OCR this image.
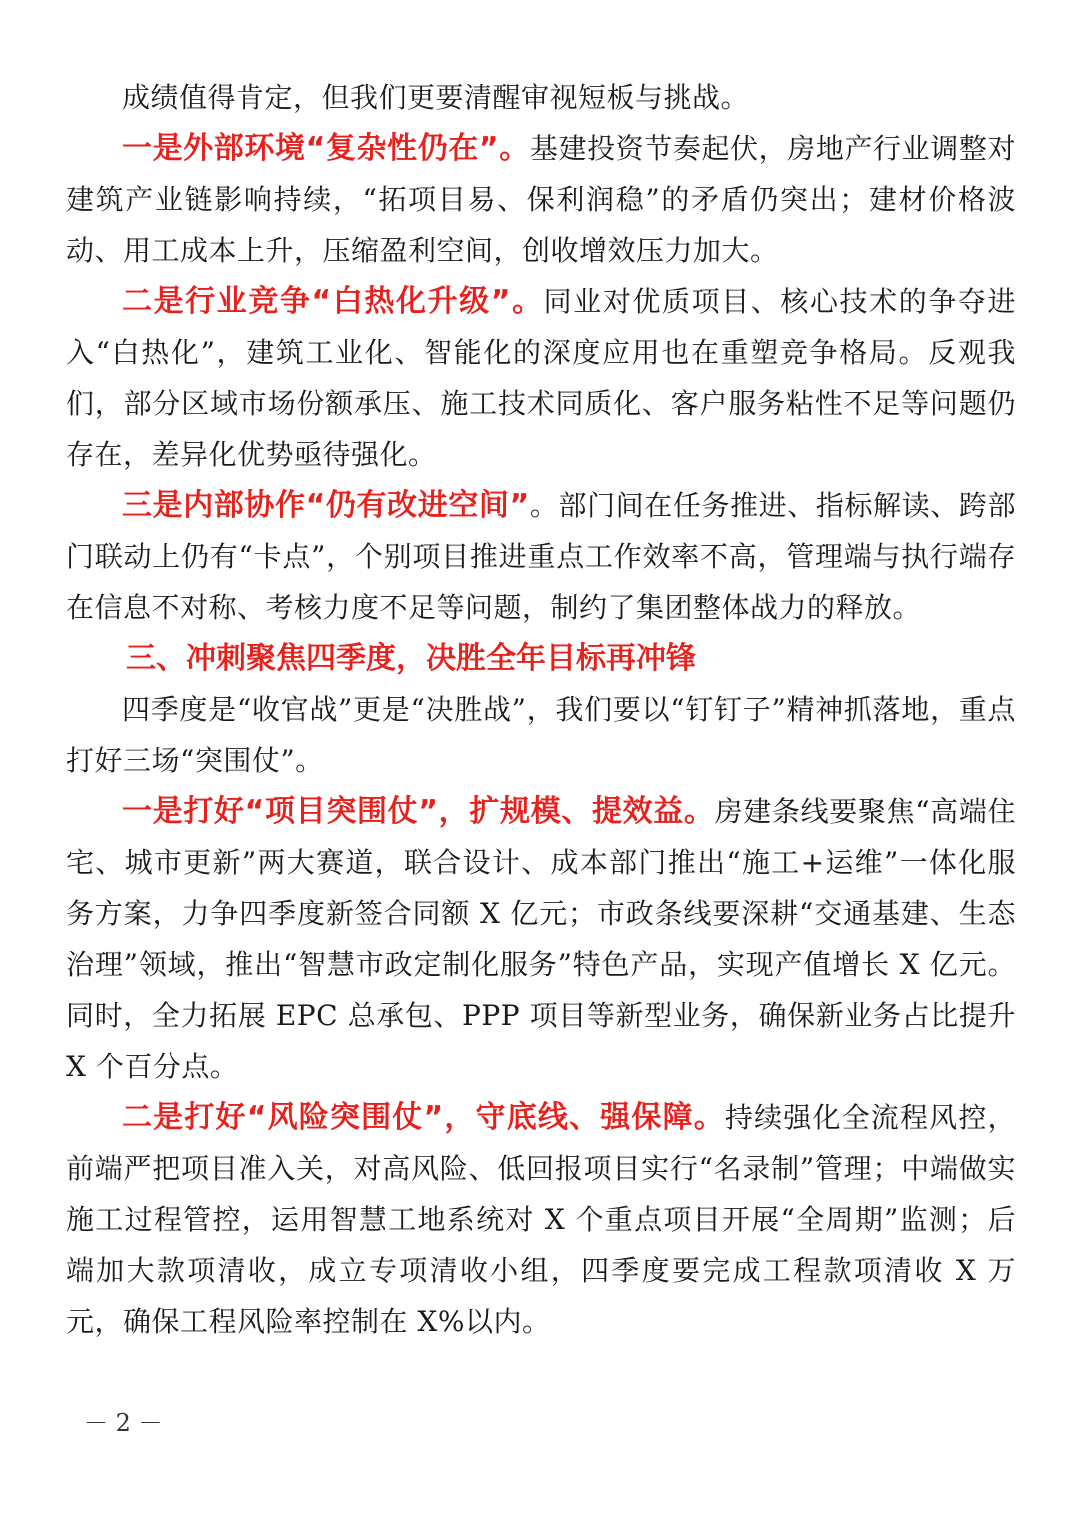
成绩值得肯定，但我们更要清醒审视短板与挑战。

一是外部环境“复杂性仍在”。基建投资节奏起伏，房地产行业调整对建筑产业链影响持续，“拓项目易、保利润稳”的矛盾仍突出；建材价格波动、用工成本上升，压缩盈利空间，创收增效压力加大。

二是行业竞争“白热化升级”。同业对优质项目、核心技术的争夺进入“白热化”，建筑工业化、智能化的深度应用也在重塑竞争格局。反观我们，部分区域市场份额承压、施工技术同质化、客户服务粘性不足等问题仍存在，差异化优势亟待强化。

三是内部协作“仍有改进空间”。部门间在任务推进、指标解读、跨部门联动上仍有“卡点”，个别项目推进重点工作效率不高，管理端与执行端存在信息不对称、考核力度不足等问题，制约了集团整体战力的释放。

三、冲刺聚焦四季度，决胜全年目标再冲锋

四季度是“收官战”更是“决胜战”，我们要以“钉钉子”精神抓落地，重点打好三场“突围仗”。

一是打好“项目突围仗”，扩规模、提效益。房建条线要聚焦“高端住宅、城市更新”两大赛道，联合设计、成本部门推出“施工+运维”一体化服务方案，力争四季度新签合同额 X 亿元；市政条线要深耕“交通基建、生态治理”领域，推出“智慧市政定制化服务”特色产品，实现产值增长 X 亿元。同时，全力拓展 EPC 总承包、PPP 项目等新型业务，确保新业务占比提升 X 个百分点。

二是打好“风险突围仗”，守底线、强保障。持续强化全流程风控，前端严把项目准入关，对高风险、低回报项目实行“名录制”管理；中端做实施工过程管控，运用智慧工地系统对 X 个重点项目开展“全周期”监测；后端加大款项清收，成立专项清收小组，四季度要完成工程款项清收 X 万元，确保工程风险率控制在 X%以内。

－ 2 －
